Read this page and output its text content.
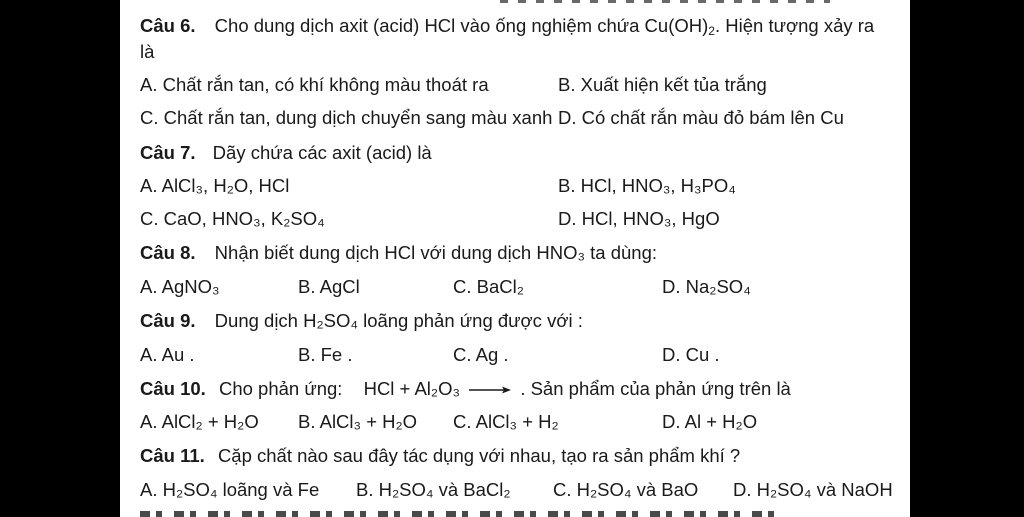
Câu 6. Cho dung dịch axit (acid) HCl vào ống nghiệm chứa $Cu(OH)_2$. Hiện tượng xảy ra
là
A. Chất rắn tan, có khí không màu thoát ra	B. Xuất hiện kết tủa trắng
C. Chất rắn tan, dung dịch chuyển sang màu xanh D. Có chất rắn màu đỏ bám lên Cu
Câu 7. Dãy chứa các axit (acid) là
A. AlCl₃, H₂O, HCl	B. HCl, HNO₃, H₃PO₄
C. CaO, HNO₃, K₂SO₄	D. HCl, HNO₃, HgO
Câu 8. Nhận biết dung dịch HCl với dung dịch HNO₃ ta dùng:
A. AgNO₃	B. AgCl	C. BaCl₂	D. Na₂SO₄
Câu 9. Dung dịch H₂SO₄ loãng phản ứng được với :
A. Au .	B. Fe .	C. Ag .	D. Cu .
Câu 10. Cho phản ứng: HCl + Al₂O₃ → . Sản phẩm của phản ứng trên là
A. AlCl₂ + H₂O B. AlCl₃ + H₂O C. AlCl₃ + H₂	D. Al + H₂O
Câu 11. Cặp chất nào sau đây tác dụng với nhau, tạo ra sản phẩm khí ?
A. H₂SO₄ loãng và Fe B. H₂SO₄ và BaCl₂ C. H₂SO₄ và BaO D. H₂SO₄ và NaOH
